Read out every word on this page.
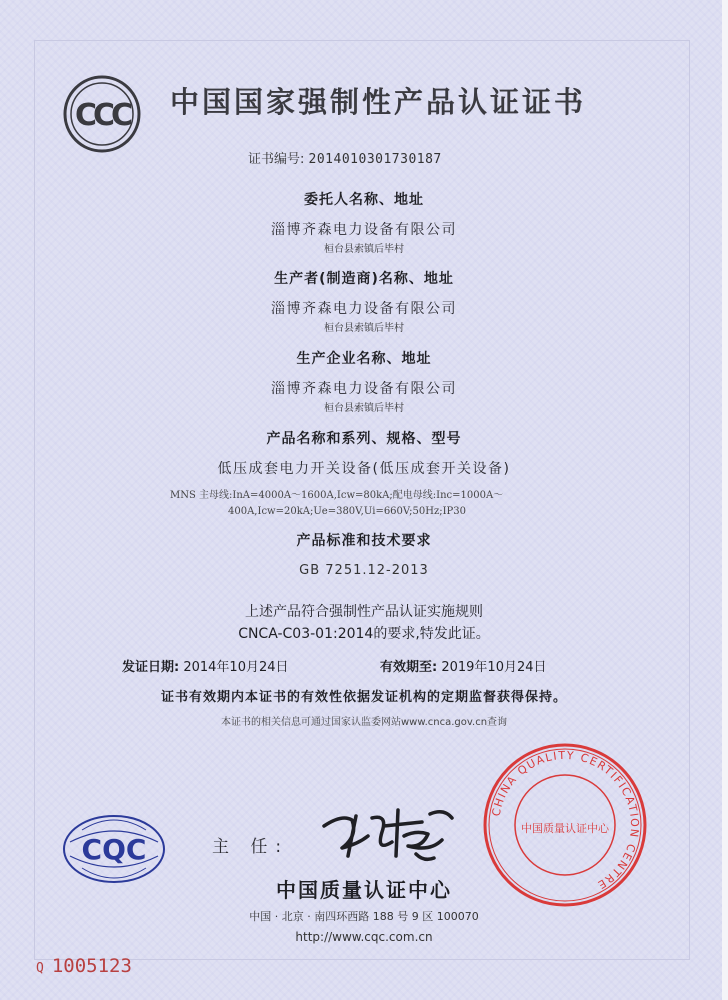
CCC 中国国家强制性产品认证证书
证书编号: 2014010301730187
委托人名称、地址
淄博齐森电力设备有限公司
桓台县索镇后毕村
生产者(制造商)名称、地址
淄博齐森电力设备有限公司
桓台县索镇后毕村
生产企业名称、地址
淄博齐森电力设备有限公司
桓台县索镇后毕村
产品名称和系列、规格、型号
低压成套电力开关设备(低压成套开关设备)
MNS 主母线:InA=4000A～1600A,Icw=80kA;配电母线:Inc=1000A～
400A,Icw=20kA;Ue=380V,Ui=660V;50Hz;IP30
产品标准和技术要求
GB 7251.12-2013
上述产品符合强制性产品认证实施规则
CNCA-C03-01:2014的要求,特发此证。
发证日期: 2014年10月24日	有效期至: 2019年10月24日
证书有效期内本证书的有效性依据发证机构的定期监督获得保持。
本证书的相关信息可通过国家认监委网站www.cnca.gov.cn查询
CQC	主 任:
中国质量认证中心
中国 · 北京 · 南四环西路 188 号 9 区 100070
http://www.cqc.com.cn
CHINA QUALITY CERTIFICATION CENTRE
中国质量认证中心
Q 1005123
